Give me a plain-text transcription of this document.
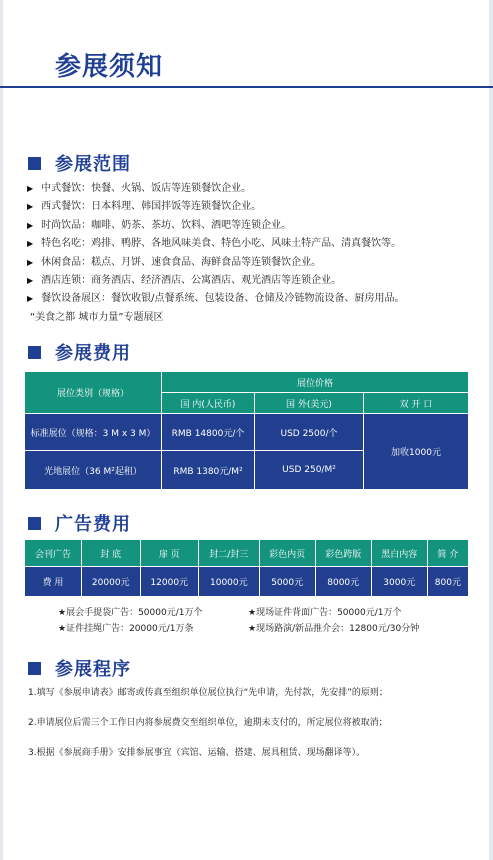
参展须知
参展范围
▶ 中式餐饮：快餐、火锅、饭店等连锁餐饮企业。
▶ 西式餐饮：日本料理、韩国拌饭等连锁餐饮企业。
▶ 时尚饮品：咖啡、奶茶、茶坊、饮料、酒吧等连锁企业。
▶ 特色名吃：鸡排、鸭脖、各地风味美食、特色小吃、风味土特产品、清真餐饮等。
▶ 休闲食品：糕点、月饼、速食食品、海鲜食品等连锁餐饮企业。
▶ 酒店连锁：商务酒店、经济酒店、公寓酒店、观光酒店等连锁企业。
▶ 餐饮设备展区：餐饮收银/点餐系统、包装设备、仓储及冷链物流设备、厨房用品。
“美食之都 城市力量”专题展区
参展费用
展位类别（规格）	展位价格		
	国 内(人民币)	国 外(美元)	双 开 口
标准展位（规格：3 M x 3 M）	RMB 14800元/个	USD 2500/个	加收1000元
光地展位（36 M²起租）	RMB 1380元/M²	USD 250/M²	
广告费用
会刊广告	封 底	扉 页	封二/封三	彩色内页	彩色跨版	黑白内容	简 介
费 用	20000元	12000元	10000元	5000元	8000元	3000元	800元
★展会手提袋广告：50000元/1万个	★现场证件背面广告：50000元/1万个
★证件挂绳广告：20000元/1万条	★现场路演/新品推介会：12800元/30分钟
参展程序

1.填写《参展申请表》邮寄或传真至组织单位展位执行“先申请，先付款，先安排”的原则；

2.申请展位后需三个工作日内将参展费交至组织单位，逾期未支付的，所定展位将被取消；

3.根据《参展商手册》安排参展事宜（宾馆、运输、搭建、展具租赁、现场翻译等）。
